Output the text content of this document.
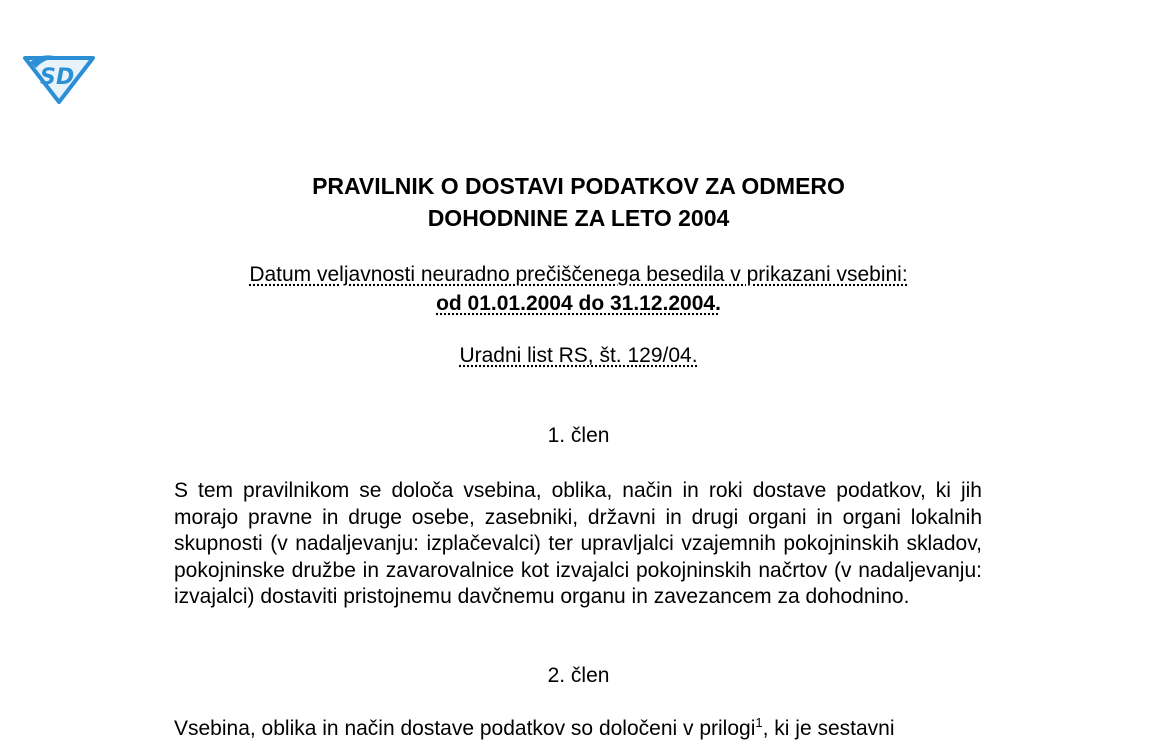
S D
PRAVILNIK O DOSTAVI PODATKOV ZA ODMERO
DOHODNINE ZA LETO 2004
Datum veljavnosti neuradno prečiščenega besedila v prikazani vsebini:
od 01.01.2004 do 31.12.2004.
Uradni list RS, št. 129/04.
1. člen

S tem pravilnikom se določa vsebina, oblika, način in roki dostave podatkov, ki jih morajo pravne in druge osebe, zasebniki, državni in drugi organi in organi lokalnih skupnosti (v nadaljevanju: izplačevalci) ter upravljalci vzajemnih pokojninskih skladov, pokojninske družbe in zavarovalnice kot izvajalci pokojninskih načrtov (v nadaljevanju: izvajalci) dostaviti pristojnemu davčnemu organu in zavezancem za dohodnino.

2. člen

Vsebina, oblika in način dostave podatkov so določeni v prilogi$^1$, ki je sestavni
